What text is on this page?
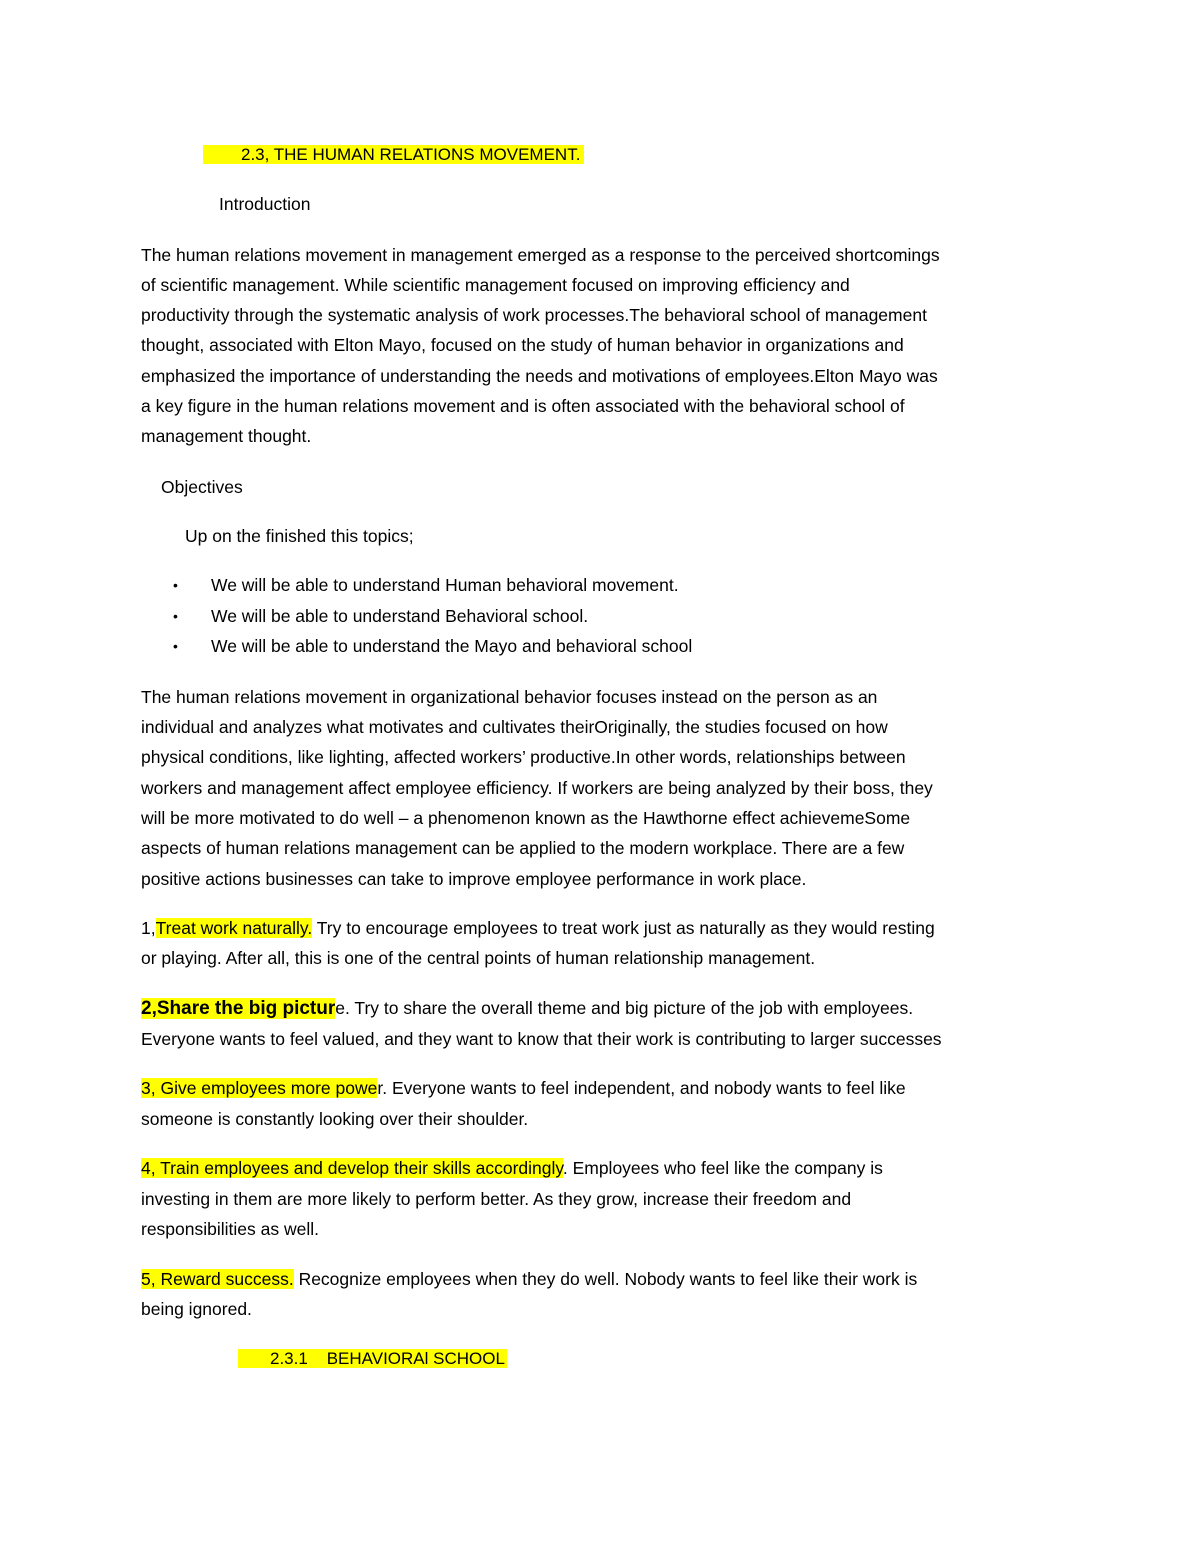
2.3, THE HUMAN RELATIONS MOVEMENT.
Introduction
The human relations movement in management emerged as a response to the perceived shortcomings
of scientific management. While scientific management focused on improving efficiency and
productivity through the systematic analysis of work processes.The behavioral school of management
thought, associated with Elton Mayo, focused on the study of human behavior in organizations and
emphasized the importance of understanding the needs and motivations of employees.Elton Mayo was
a key figure in the human relations movement and is often associated with the behavioral school of
management thought.
Objectives
Up on the finished this topics;
• We will be able to understand Human behavioral movement.
• We will be able to understand Behavioral school.
• We will be able to understand the Mayo and behavioral school
The human relations movement in organizational behavior focuses instead on the person as an
individual and analyzes what motivates and cultivates theirOriginally, the studies focused on how
physical conditions, like lighting, affected workers’ productive.In other words, relationships between
workers and management affect employee efficiency. If workers are being analyzed by their boss, they
will be more motivated to do well – a phenomenon known as the Hawthorne effect achievemeSome
aspects of human relations management can be applied to the modern workplace. There are a few
positive actions businesses can take to improve employee performance in work place.
1,Treat work naturally. Try to encourage employees to treat work just as naturally as they would resting
or playing. After all, this is one of the central points of human relationship management.
2,Share the big picture. Try to share the overall theme and big picture of the job with employees.
Everyone wants to feel valued, and they want to know that their work is contributing to larger successes
3, Give employees more power. Everyone wants to feel independent, and nobody wants to feel like
someone is constantly looking over their shoulder.
4, Train employees and develop their skills accordingly. Employees who feel like the company is
investing in them are more likely to perform better. As they grow, increase their freedom and
responsibilities as well.
5, Reward success. Recognize employees when they do well. Nobody wants to feel like their work is
being ignored.
2.3.1    BEHAVIORAl SCHOOL
